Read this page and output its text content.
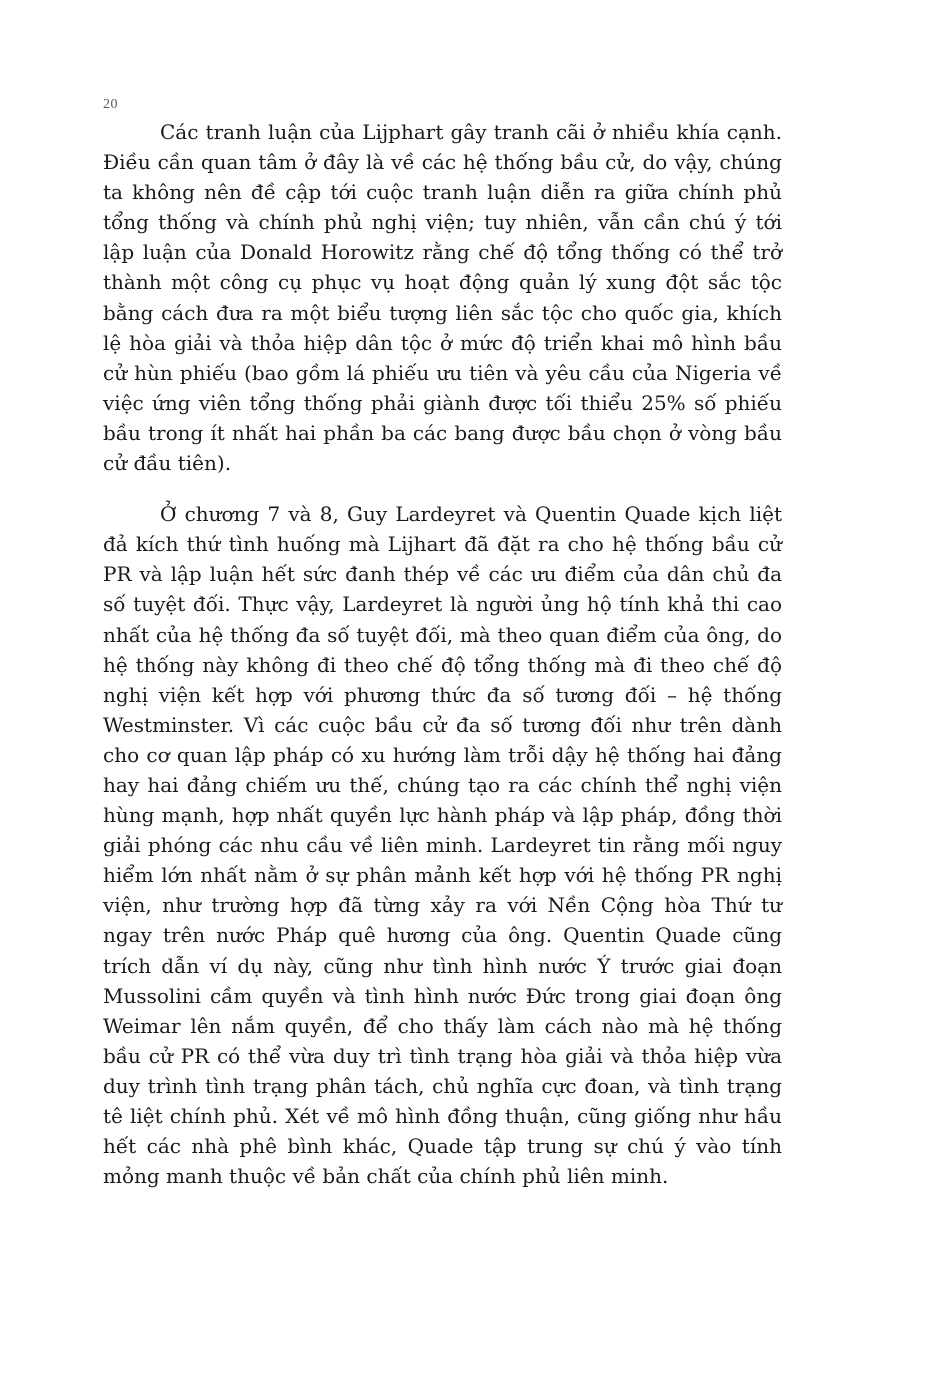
20

Các tranh luận của Lijphart gây tranh cãi ở nhiều khía cạnh. Điều cần quan tâm ở đây là về các hệ thống bầu cử, do vậy, chúng ta không nên đề cập tới cuộc tranh luận diễn ra giữa chính phủ tổng thống và chính phủ nghị viện; tuy nhiên, vẫn cần chú ý tới lập luận của Donald Horowitz rằng chế độ tổng thống có thể trở thành một công cụ phục vụ hoạt động quản lý xung đột sắc tộc bằng cách đưa ra một biểu tượng liên sắc tộc cho quốc gia, khích lệ hòa giải và thỏa hiệp dân tộc ở mức độ triển khai mô hình bầu cử hùn phiếu (bao gồm lá phiếu ưu tiên và yêu cầu của Nigeria về việc ứng viên tổng thống phải giành được tối thiểu 25% số phiếu bầu trong ít nhất hai phần ba các bang được bầu chọn ở vòng bầu cử đầu tiên).

Ở chương 7 và 8, Guy Lardeyret và Quentin Quade kịch liệt đả kích thứ tình huống mà Lijhart đã đặt ra cho hệ thống bầu cử PR và lập luận hết sức đanh thép về các ưu điểm của dân chủ đa số tuyệt đối. Thực vậy, Lardeyret là người ủng hộ tính khả thi cao nhất của hệ thống đa số tuyệt đối, mà theo quan điểm của ông, do hệ thống này không đi theo chế độ tổng thống mà đi theo chế độ nghị viện kết hợp với phương thức đa số tương đối – hệ thống Westminster. Vì các cuộc bầu cử đa số tương đối như trên dành cho cơ quan lập pháp có xu hướng làm trỗi dậy hệ thống hai đảng hay hai đảng chiếm ưu thế, chúng tạo ra các chính thể nghị viện hùng mạnh, hợp nhất quyền lực hành pháp và lập pháp, đồng thời giải phóng các nhu cầu về liên minh. Lardeyret tin rằng mối nguy hiểm lớn nhất nằm ở sự phân mảnh kết hợp với hệ thống PR nghị viện, như trường hợp đã từng xảy ra với Nền Cộng hòa Thứ tư ngay trên nước Pháp quê hương của ông. Quentin Quade cũng trích dẫn ví dụ này, cũng như tình hình nước Ý trước giai đoạn Mussolini cầm quyền và tình hình nước Đức trong giai đoạn ông Weimar lên nắm quyền, để cho thấy làm cách nào mà hệ thống bầu cử PR có thể vừa duy trì tình trạng hòa giải và thỏa hiệp vừa duy trình tình trạng phân tách, chủ nghĩa cực đoan, và tình trạng tê liệt chính phủ. Xét về mô hình đồng thuận, cũng giống như hầu hết các nhà phê bình khác, Quade tập trung sự chú ý vào tính mỏng manh thuộc về bản chất của chính phủ liên minh.
